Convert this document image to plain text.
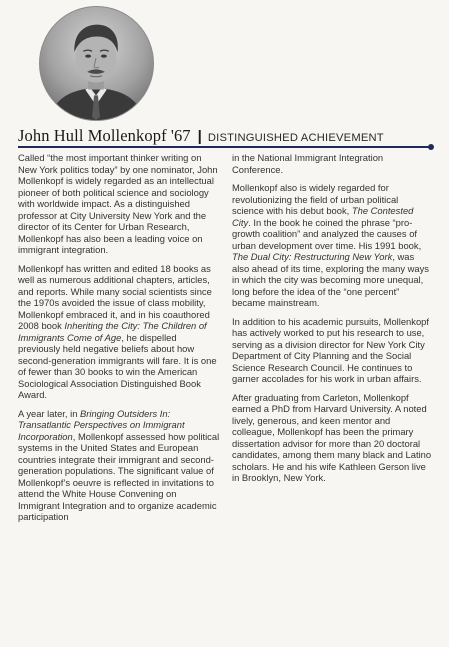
John Hull Mollenkopf '67 | DISTINGUISHED ACHIEVEMENT

Called “the most important thinker writing on New York politics today” by one nominator, John Mollenkopf is widely regarded as an intellectual pioneer of both political science and sociology with worldwide impact. As a distinguished professor at City University New York and the director of its Center for Urban Research, Mollenkopf has also been a leading voice on immigrant integration.

Mollenkopf has written and edited 18 books as well as numerous additional chapters, articles, and reports. While many social scientists since the 1970s avoided the issue of class mobility, Mollenkopf embraced it, and in his coauthored 2008 book Inheriting the City: The Children of Immigrants Come of Age, he dispelled previously held negative beliefs about how second-generation immigrants will fare. It is one of fewer than 30 books to win the American Sociological Association Distinguished Book Award.

A year later, in Bringing Outsiders In: Transatlantic Perspectives on Immigrant Incorporation, Mollenkopf assessed how political systems in the United States and European countries integrate their immigrant and second-generation populations. The significant value of Mollenkopf’s oeuvre is reflected in invitations to attend the White House Convening on Immigrant Integration and to organize academic participation

in the National Immigrant Integration Conference.

Mollenkopf also is widely regarded for revolutionizing the field of urban political science with his debut book, The Contested City. In the book he coined the phrase “pro-growth coalition” and analyzed the causes of urban development over time. His 1991 book, The Dual City: Restructuring New York, was also ahead of its time, exploring the many ways in which the city was becoming more unequal, long before the idea of the “one percent” became mainstream.

In addition to his academic pursuits, Mollenkopf has actively worked to put his research to use, serving as a division director for New York City Department of City Planning and the Social Science Research Council. He continues to garner accolades for his work in urban affairs.

After graduating from Carleton, Mollenkopf earned a PhD from Harvard University. A noted lively, generous, and keen mentor and colleague, Mollenkopf has been the primary dissertation advisor for more than 20 doctoral candidates, among them many black and Latino scholars. He and his wife Kathleen Gerson live in Brooklyn, New York.
